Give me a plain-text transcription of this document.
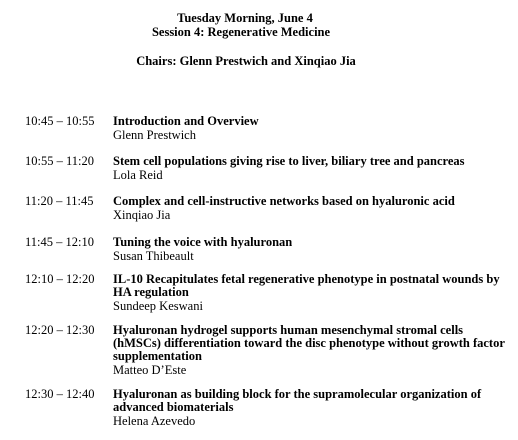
Tuesday Morning, June 4
Session 4: Regenerative Medicine
Chairs: Glenn Prestwich and Xinqiao Jia
10:45 – 10:55 Introduction and Overview
Glenn Prestwich
10:55 – 11:20 Stem cell populations giving rise to liver, biliary tree and pancreas
Lola Reid
11:20 – 11:45 Complex and cell-instructive networks based on hyaluronic acid
Xinqiao Jia
11:45 – 12:10 Tuning the voice with hyaluronan
Susan Thibeault
12:10 – 12:20 IL-10 Recapitulates fetal regenerative phenotype in postnatal wounds by HA regulation
Sundeep Keswani
12:20 – 12:30 Hyaluronan hydrogel supports human mesenchymal stromal cells (hMSCs) differentiation toward the disc phenotype without growth factor supplementation
Matteo D’Este
12:30 – 12:40 Hyaluronan as building block for the supramolecular organization of advanced biomaterials
Helena Azevedo
